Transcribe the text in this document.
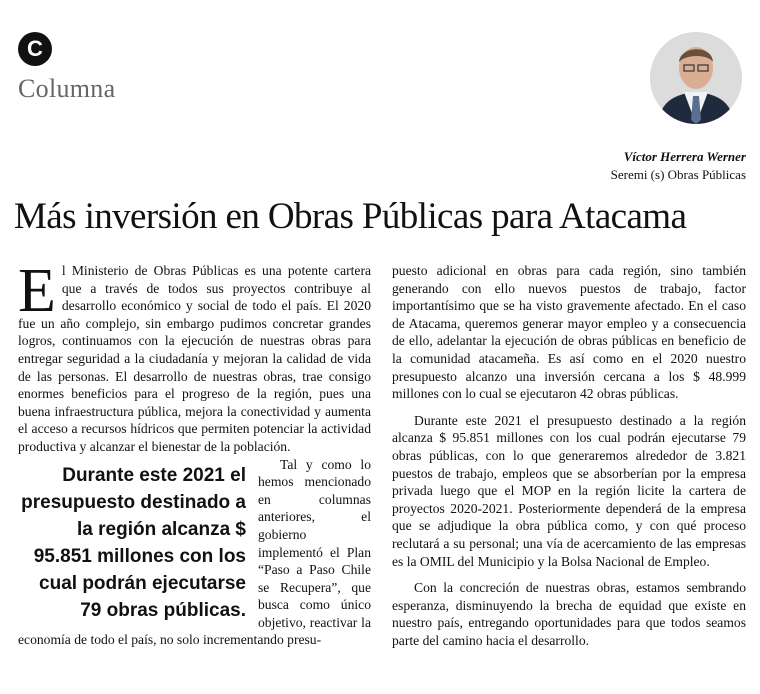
C
Columna
Víctor Herrera Werner
Seremi (s) Obras Públicas
Más inversión en Obras Públicas para Atacama

El Ministerio de Obras Públicas es una potente cartera que a través de todos sus proyectos contribuye al desarrollo económico y social de todo el país. El 2020 fue un año complejo, sin embargo pudimos concretar grandes logros, continuamos con la ejecución de nuestras obras para entregar seguridad a la ciudadanía y mejoran la calidad de vida de las personas. El desarrollo de nuestras obras, trae consigo enormes beneficios para el progreso de la región, pues una buena infraestructura pública, mejora la conectividad y aumenta el acceso a recursos hídricos que permiten potenciar la actividad productiva y alcanzar el bienestar de la población.

Durante este 2021 el presupuesto destinado a la región alcanza $ 95.851 millones con los cual podrán ejecutarse 79 obras públicas.

Tal y como lo hemos mencionado en columnas anteriores, el gobierno implementó el Plan “Paso a Paso Chile se Recupera”, que busca como único objetivo, reactivar la economía de todo el país, no solo incrementando presu-

puesto adicional en obras para cada región, sino también generando con ello nuevos puestos de trabajo, factor importantísimo que se ha visto gravemente afectado. En el caso de Atacama, queremos generar mayor empleo y a consecuencia de ello, adelantar la ejecución de obras públicas en beneficio de la comunidad atacameña. Es así como en el 2020 nuestro presupuesto alcanzo una inversión cercana a los $ 48.999 millones con lo cual se ejecutaron 42 obras públicas.

Durante este 2021 el presupuesto destinado a la región alcanza $ 95.851 millones con los cual podrán ejecutarse 79 obras públicas, con lo que generaremos alrededor de 3.821 puestos de trabajo, empleos que se absorberían por la empresa privada luego que el MOP en la región licite la cartera de proyectos 2020-2021. Posteriormente dependerá de la empresa que se adjudique la obra pública como, y con qué proceso reclutará a su personal; una vía de acercamiento de las empresas es la OMIL del Municipio y la Bolsa Nacional de Empleo.

Con la concreción de nuestras obras, estamos sembrando esperanza, disminuyendo la brecha de equidad que existe en nuestro país, entregando oportunidades para que todos seamos parte del camino hacia el desarrollo.
